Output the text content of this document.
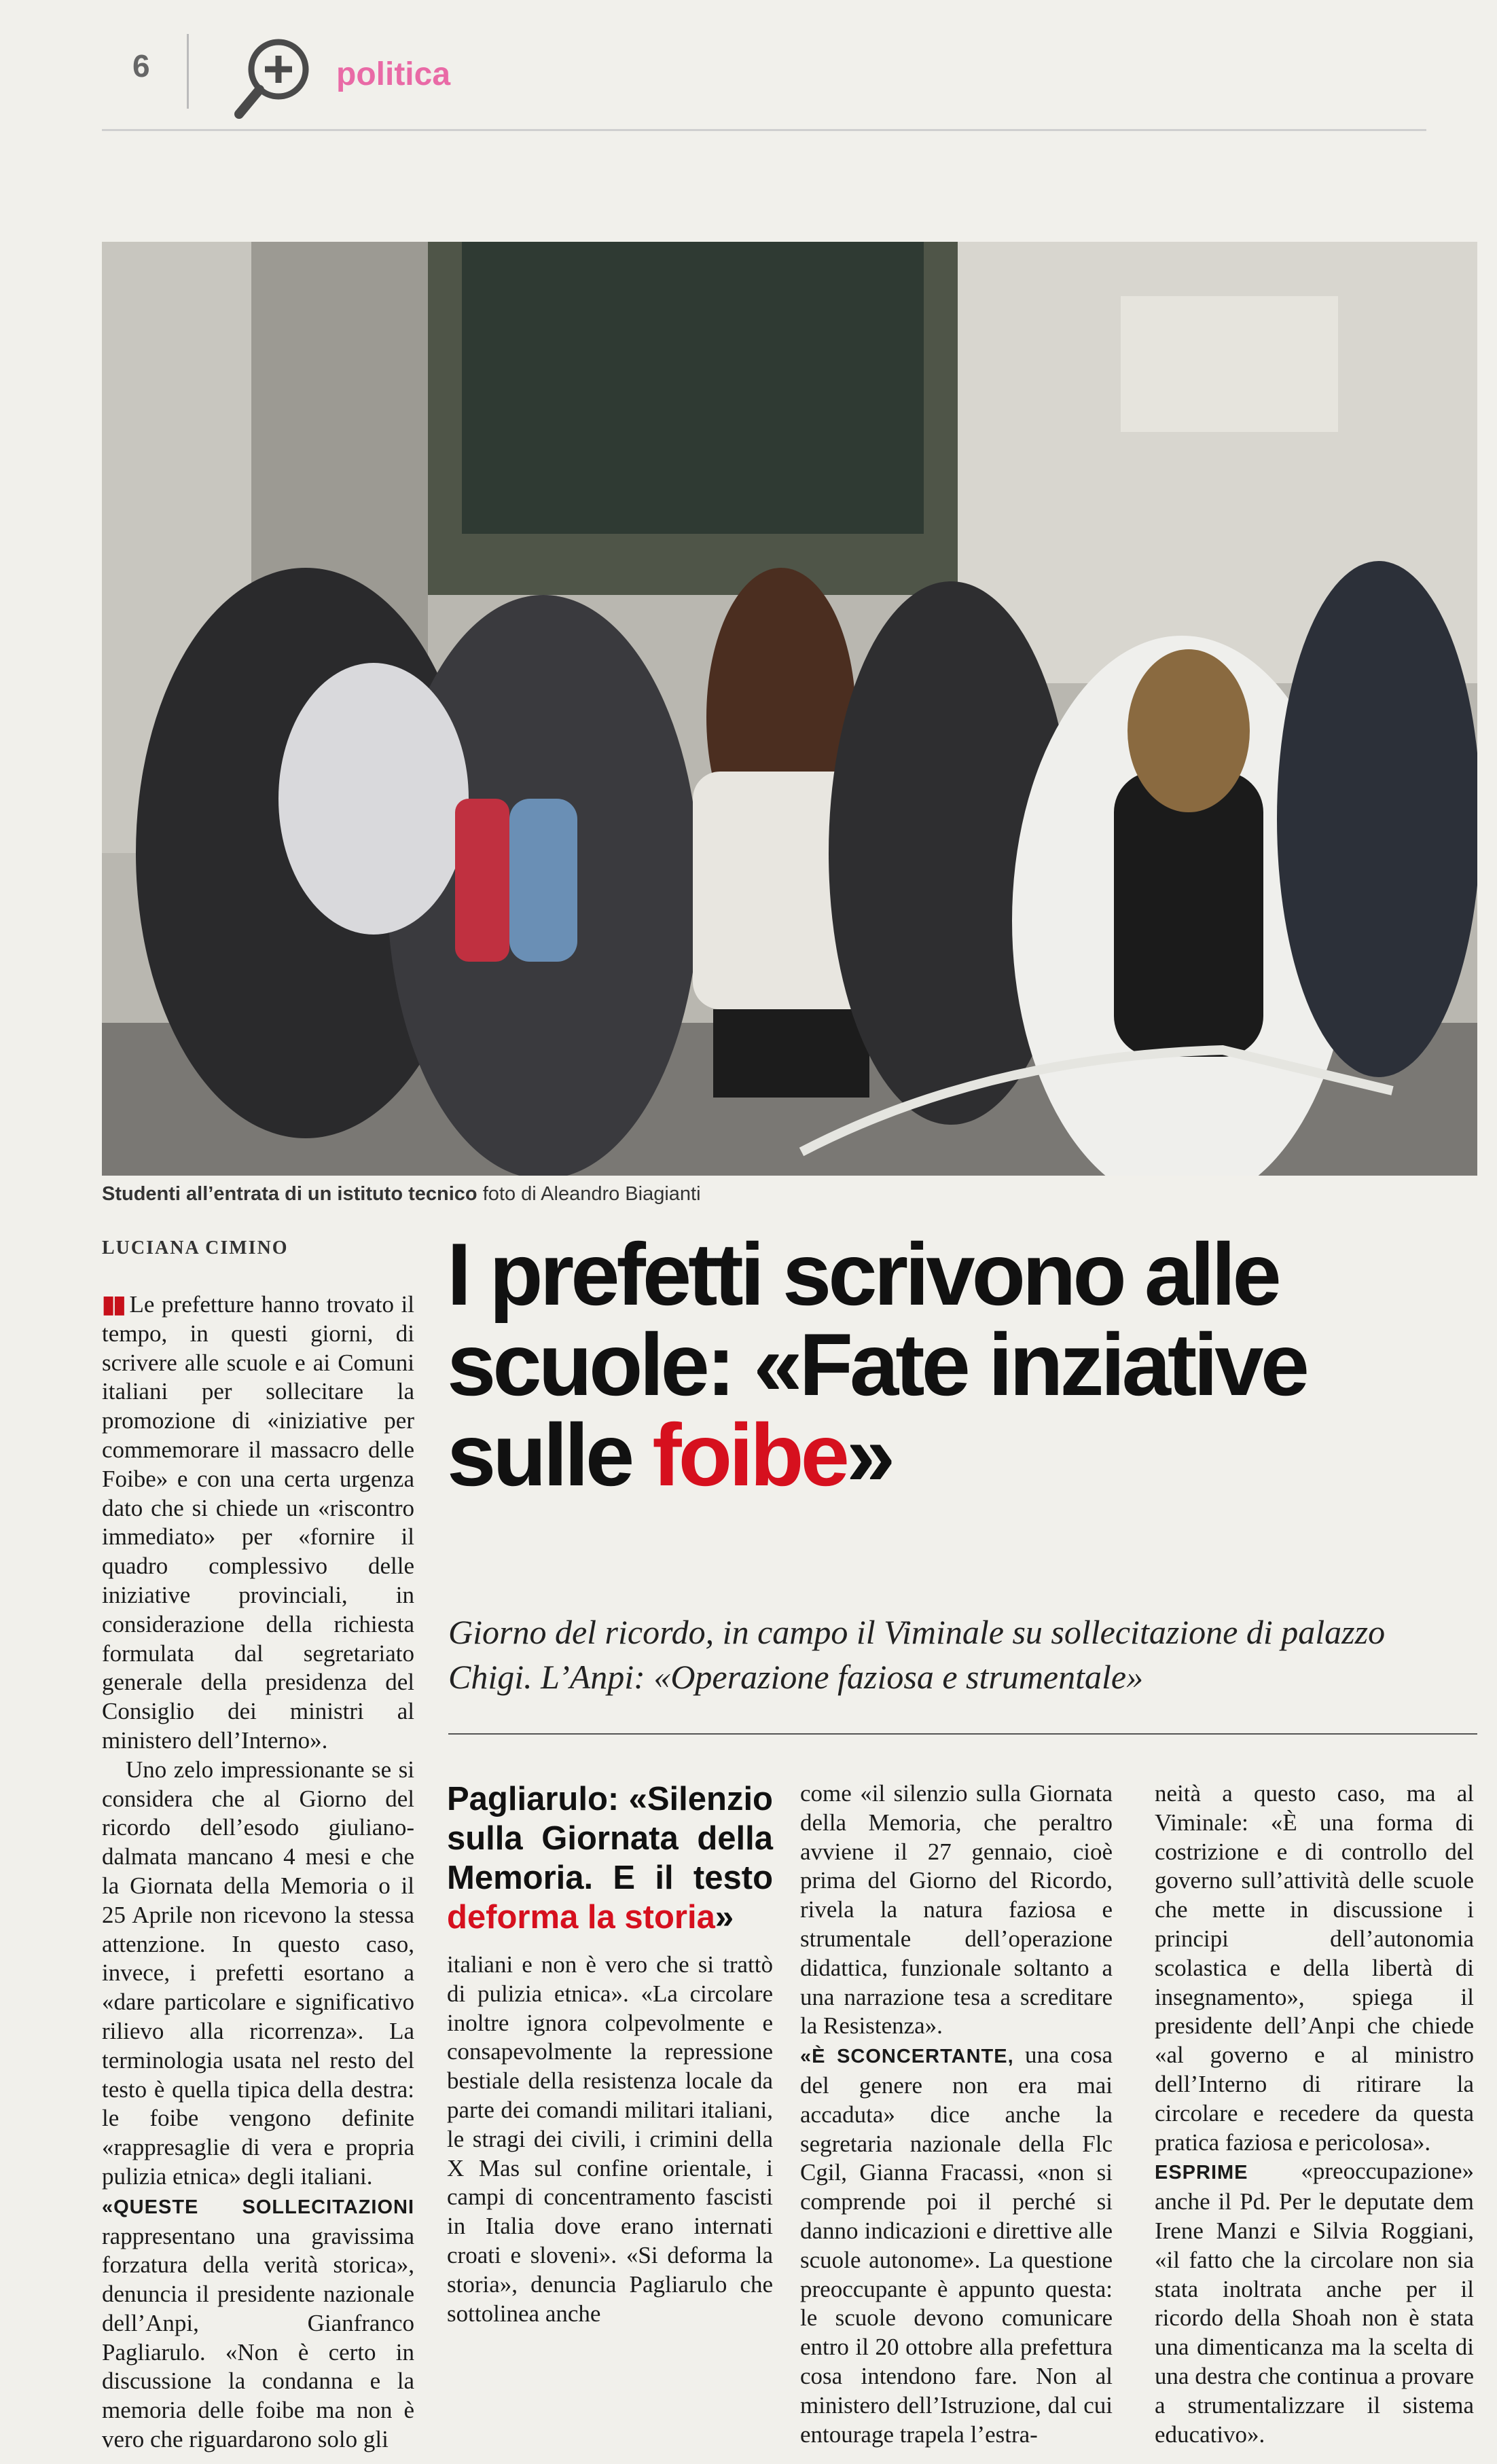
6	politica
Studenti all’entrata di un istituto tecnico foto di Aleandro Biagianti
LUCIANA CIMINO I prefetti scrivono alle scuole: «Fate inziative sulle foibe»
Giorno del ricordo, in campo il Viminale su sollecitazione di palazzo Chigi. L’Anpi: «Operazione faziosa e strumentale»

▮▮ Le prefetture hanno trovato il tempo, in questi giorni, di scrivere alle scuole e ai Comuni italiani per sollecitare la promozione di «iniziative per commemorare il massacro delle Foibe» e con una certa urgenza dato che si chiede un «riscontro immediato» per «fornire il quadro complessivo delle iniziative provinciali, in considerazione della richiesta formulata dal segretariato generale della presidenza del Consiglio dei ministri al ministero dell’Interno».

Uno zelo impressionante se si considera che al Giorno del ricordo dell’esodo giuliano-dalmata mancano 4 mesi e che la Giornata della Memoria o il 25 Aprile non ricevono la stessa attenzione. In questo caso, invece, i prefetti esortano a «dare particolare e significativo rilievo alla ricorrenza». La terminologia usata nel resto del testo è quella tipica della destra: le foibe vengono definite «rappresaglie di vera e propria pulizia etnica» degli italiani.

«QUESTE SOLLECITAZIONI rappresentano una gravissima forzatura della verità storica», denuncia il presidente nazionale dell’Anpi, Gianfranco Pagliarulo. «Non è certo in discussione la condanna e la memoria delle foibe ma non è vero che riguardarono solo gli

Pagliarulo: «Silenzio sulla Giornata della Memoria. E il testo deforma la storia»

italiani e non è vero che si trattò di pulizia etnica». «La circolare inoltre ignora colpevolmente e consapevolmente la repressione bestiale della resistenza locale da parte dei comandi militari italiani, le stragi dei civili, i crimini della X Mas sul confine orientale, i campi di concentramento fascisti in Italia dove erano internati croati e sloveni». «Si deforma la storia», denuncia Pagliarulo che sottolinea anche

come «il silenzio sulla Giornata della Memoria, che peraltro avviene il 27 gennaio, cioè prima del Giorno del Ricordo, rivela la natura faziosa e strumentale dell’operazione didattica, funzionale soltanto a una narrazione tesa a screditare la Resistenza».

«È SCONCERTANTE, una cosa del genere non era mai accaduta» dice anche la segretaria nazionale della Flc Cgil, Gianna Fracassi, «non si comprende poi il perché si danno indicazioni e direttive alle scuole autonome». La questione preoccupante è appunto questa: le scuole devono comunicare entro il 20 ottobre alla prefettura cosa intendono fare. Non al ministero dell’Istruzione, dal cui entourage trapela l’estra-

neità a questo caso, ma al Viminale: «È una forma di costrizione e di controllo del governo sull’attività delle scuole che mette in discussione i principi dell’autonomia scolastica e della libertà di insegnamento», spiega il presidente dell’Anpi che chiede «al governo e al ministro dell’Interno di ritirare la circolare e recedere da questa pratica faziosa e pericolosa».

ESPRIME «preoccupazione» anche il Pd. Per le deputate dem Irene Manzi e Silvia Roggiani, «il fatto che la circolare non sia stata inoltrata anche per il ricordo della Shoah non è stata una dimenticanza ma la scelta di una destra che continua a provare a strumentalizzare il sistema educativo».
